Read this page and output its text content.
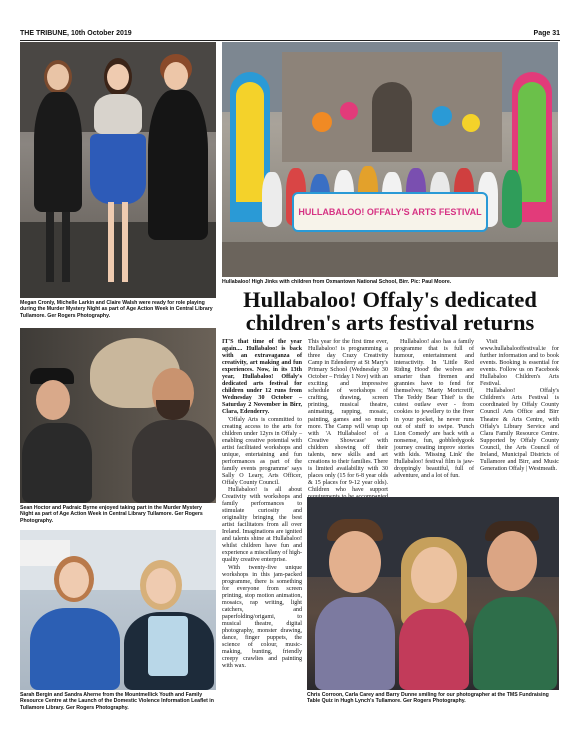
THE TRIBUNE, 10th October 2019	Page 31
Megan Cronly, Michelle Larkin and Claire Walsh were ready for role playing during the Murder Mystery Night as part of Age Action Week in Central Library Tullamore. Ger Rogers Photography.
HULLABALOO! OFFALY'S ARTS FESTIVAL
Hullabaloo! High Jinks with children from Oxmantown National School, Birr. Pic: Paul Moore.
Hullabaloo! Offaly's dedicated children's arts festival returns
Sean Hoctor and Padraic Byrne enjoyed taking part in the Murder Mystery Night as part of Age Action Week in Central Library Tullamore. Ger Rogers Photography.
Sarah Bergin and Sandra Aherne from the Mountmellick Youth and Family Resource Centre at the Launch of the Domestic Violence Information Leaflet in Tullamore Library. Ger Rogers Photography.

IT'S that time of the year again.... Hullabaloo! is back with an extravaganza of creativity, art making and fun experiences. Now, in its 13th year, Hullabaloo! Offaly's dedicated arts festival for children under 12 runs from Wednesday 30 October – Saturday 2 November in Birr, Clara, Edenderry.

'Offaly Arts is committed to creating access to the arts for children under 12yrs in Offaly – enabling creative potential with artist facilitated workshops and unique, entertaining and fun performances as part of the family events programme' says Sally O Leary, Arts Officer, Offaly County Council.

Hullabaloo! is all about Creativity with workshops and family performances to stimulate curiosity and originality bringing the best artist facilitators from all over Ireland. Imaginations are ignited and talents shine at Hullabaloo! whilst children have fun and experience a miscellany of high-quality creative enterprise.

With twenty-five unique workshops in this jam-packed programme, there is something for everyone from screen printing, stop motion animation, mosaics, rap writing, light catchers, and paperfolding/origami, to musical theatre, digital photography, monster drawing, dance, finger puppets, the science of colour, music-making, bunting, friendly creepy crawlies and painting with wax.

This year for the first time ever, Hullabaloo! is programming a three day Crazy Creativity Camp in Edenderry at St Mary's Primary School (Wednesday 30 October – Friday 1 Nov) with an exciting and impressive schedule of workshops of crafting, drawing, screen printing, musical theatre, animating, rapping, mosaic, painting, games and so much more. The Camp will wrap up with 'A Hullabaloo! of a Creative Showcase' with children showing off their talents, new skills and art creations to their families. There is limited availability with 30 places only (15 for 6-8 year olds & 15 places for 9-12 year olds). Children who have support

Hullabaloo! also has a family programme that is full of humour, entertainment and interactivity. In 'Little Red Riding Hood' the wolves are smarter than firemen and grannies have to fend for themselves; 'Marty Mortcreiff, The Teddy Bear Thief' is the cutest outlaw ever - from cookies to jewellery to the fiver in your pocket, he never runs out of stuff to swipe. 'Punch Lion Comedy' are back with a nonsense, fun, gobbledygook journey creating improv stories with kids. 'Missing Link' the Hullabaloo! festival film is jaw-droppingly beautiful, full of adventure, and a lot of fun.

Visit www.hullabalooffestival.ie for further information and to book events. Booking is essential for events. Follow us on Facebook Hullabaloo Children's Arts Festival.

Hullabaloo! Offaly's Children's Arts Festival is coordinated by Offaly County Council Arts Office and Birr Theatre & Arts Centre, with Offaly's Library Service and Clara Family Resource Centre. Supported by Offaly County Council, the Arts Council of Ireland, Municipal Districts of Tullamore and Birr, and Music Generation Offaly | Westmeath.

Chris Corroon, Carla Carey and Barry Dunne smiling for our photographer at the TMS Fundraising Table Quiz in Hugh Lynch's Tullamore. Ger Rogers Photography.
